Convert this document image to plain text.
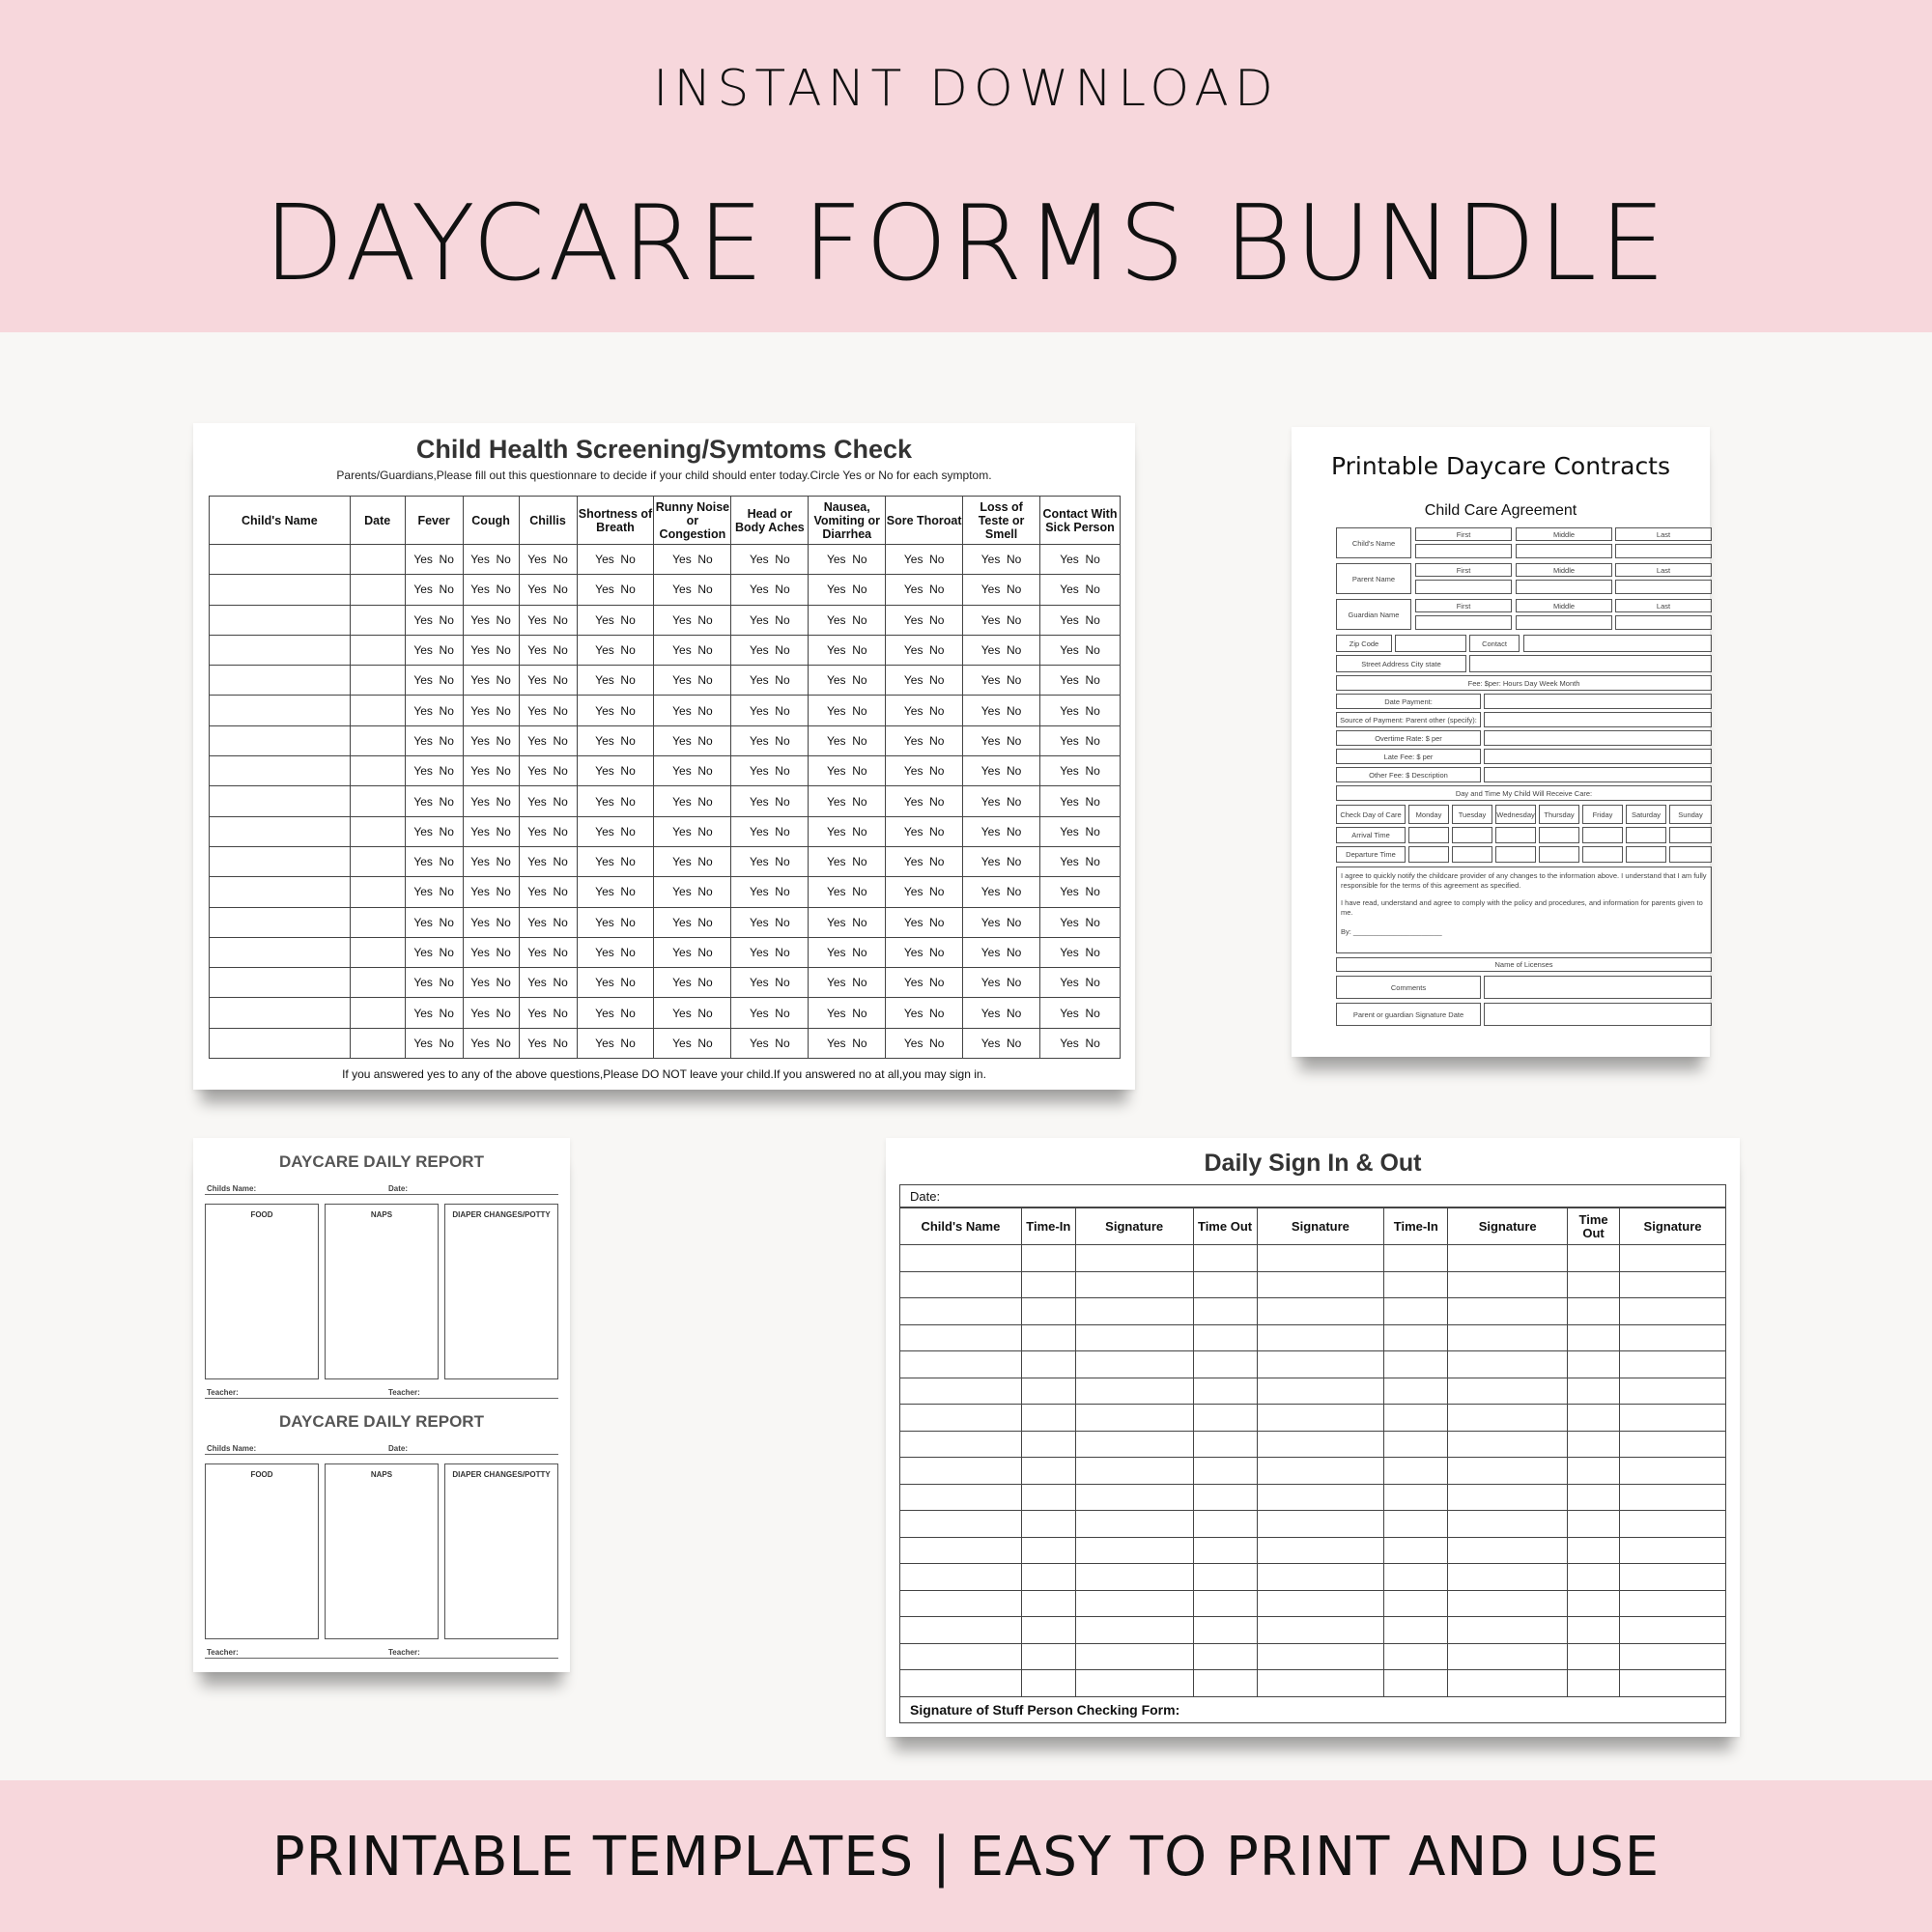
INSTANT DOWNLOAD
DAYCARE FORMS BUNDLE
Child Health Screening/Symtoms Check
Parents/Guardians,Please fill out this questionnare to decide if your child should enter today.Circle Yes or No for each symptom.
Child's Name	Date	Fever	Cough	Chillis	Shortness of Breath	Runny Noise or Congestion	Head or Body Aches	Nausea, Vomiting or Diarrhea	Sore Thoroat	Loss of Teste or Smell	Contact With Sick Person
		Yes  No	Yes  No	Yes  No	Yes  No	Yes  No	Yes  No	Yes  No	Yes  No	Yes  No	Yes  No
		Yes  No	Yes  No	Yes  No	Yes  No	Yes  No	Yes  No	Yes  No	Yes  No	Yes  No	Yes  No
		Yes  No	Yes  No	Yes  No	Yes  No	Yes  No	Yes  No	Yes  No	Yes  No	Yes  No	Yes  No
		Yes  No	Yes  No	Yes  No	Yes  No	Yes  No	Yes  No	Yes  No	Yes  No	Yes  No	Yes  No
		Yes  No	Yes  No	Yes  No	Yes  No	Yes  No	Yes  No	Yes  No	Yes  No	Yes  No	Yes  No
		Yes  No	Yes  No	Yes  No	Yes  No	Yes  No	Yes  No	Yes  No	Yes  No	Yes  No	Yes  No
		Yes  No	Yes  No	Yes  No	Yes  No	Yes  No	Yes  No	Yes  No	Yes  No	Yes  No	Yes  No
		Yes  No	Yes  No	Yes  No	Yes  No	Yes  No	Yes  No	Yes  No	Yes  No	Yes  No	Yes  No
		Yes  No	Yes  No	Yes  No	Yes  No	Yes  No	Yes  No	Yes  No	Yes  No	Yes  No	Yes  No
		Yes  No	Yes  No	Yes  No	Yes  No	Yes  No	Yes  No	Yes  No	Yes  No	Yes  No	Yes  No
		Yes  No	Yes  No	Yes  No	Yes  No	Yes  No	Yes  No	Yes  No	Yes  No	Yes  No	Yes  No
		Yes  No	Yes  No	Yes  No	Yes  No	Yes  No	Yes  No	Yes  No	Yes  No	Yes  No	Yes  No
		Yes  No	Yes  No	Yes  No	Yes  No	Yes  No	Yes  No	Yes  No	Yes  No	Yes  No	Yes  No
		Yes  No	Yes  No	Yes  No	Yes  No	Yes  No	Yes  No	Yes  No	Yes  No	Yes  No	Yes  No
		Yes  No	Yes  No	Yes  No	Yes  No	Yes  No	Yes  No	Yes  No	Yes  No	Yes  No	Yes  No
		Yes  No	Yes  No	Yes  No	Yes  No	Yes  No	Yes  No	Yes  No	Yes  No	Yes  No	Yes  No
		Yes  No	Yes  No	Yes  No	Yes  No	Yes  No	Yes  No	Yes  No	Yes  No	Yes  No	Yes  No
If you answered yes to any of the above questions,Please DO NOT leave your child.If you answered no at all,you may sign in.
Printable Daycare Contracts
Child Care Agreement
Child's Name
First	Middle	Last
Parent Name
First	Middle	Last
Guardian Name
First	Middle	Last
Zip Code	Contact
Street Address City state
Fee: $per: Hours Day Week Month
Date Payment:
Source of Payment: Parent other (specify):
Overtime Rate: $ per
Late Fee: $ per
Other Fee: $ Description
Day and Time My Child Will Receive Care:
Check Day of Care	Monday	Tuesday	Wednesday	Thursday	Friday	Saturday	Sunday
Arrival Time
Departure Time
I agree to quickly notify the childcare provider of any changes to the information above. I understand that I am fully responsible for the terms of this agreement as specified.
I have read, understand and agree to comply with the policy and procedures, and information for parents given to me.
By: ______________________
Name of Licenses
Comments
Parent or guardian Signature Date
DAYCARE DAILY REPORT
Childs Name:	Date:
FOOD	NAPS	DIAPER CHANGES/POTTY
Teacher:	Teacher:
DAYCARE DAILY REPORT
Childs Name:	Date:
FOOD	NAPS	DIAPER CHANGES/POTTY
Teacher:	Teacher:
Daily Sign In & Out
Date:
Child's Name	Time-In	Signature	Time Out	Signature	Time-In	Signature	Time Out	Signature

Signature of Stuff Person Checking Form:
PRINTABLE TEMPLATES | EASY TO PRINT AND USE
